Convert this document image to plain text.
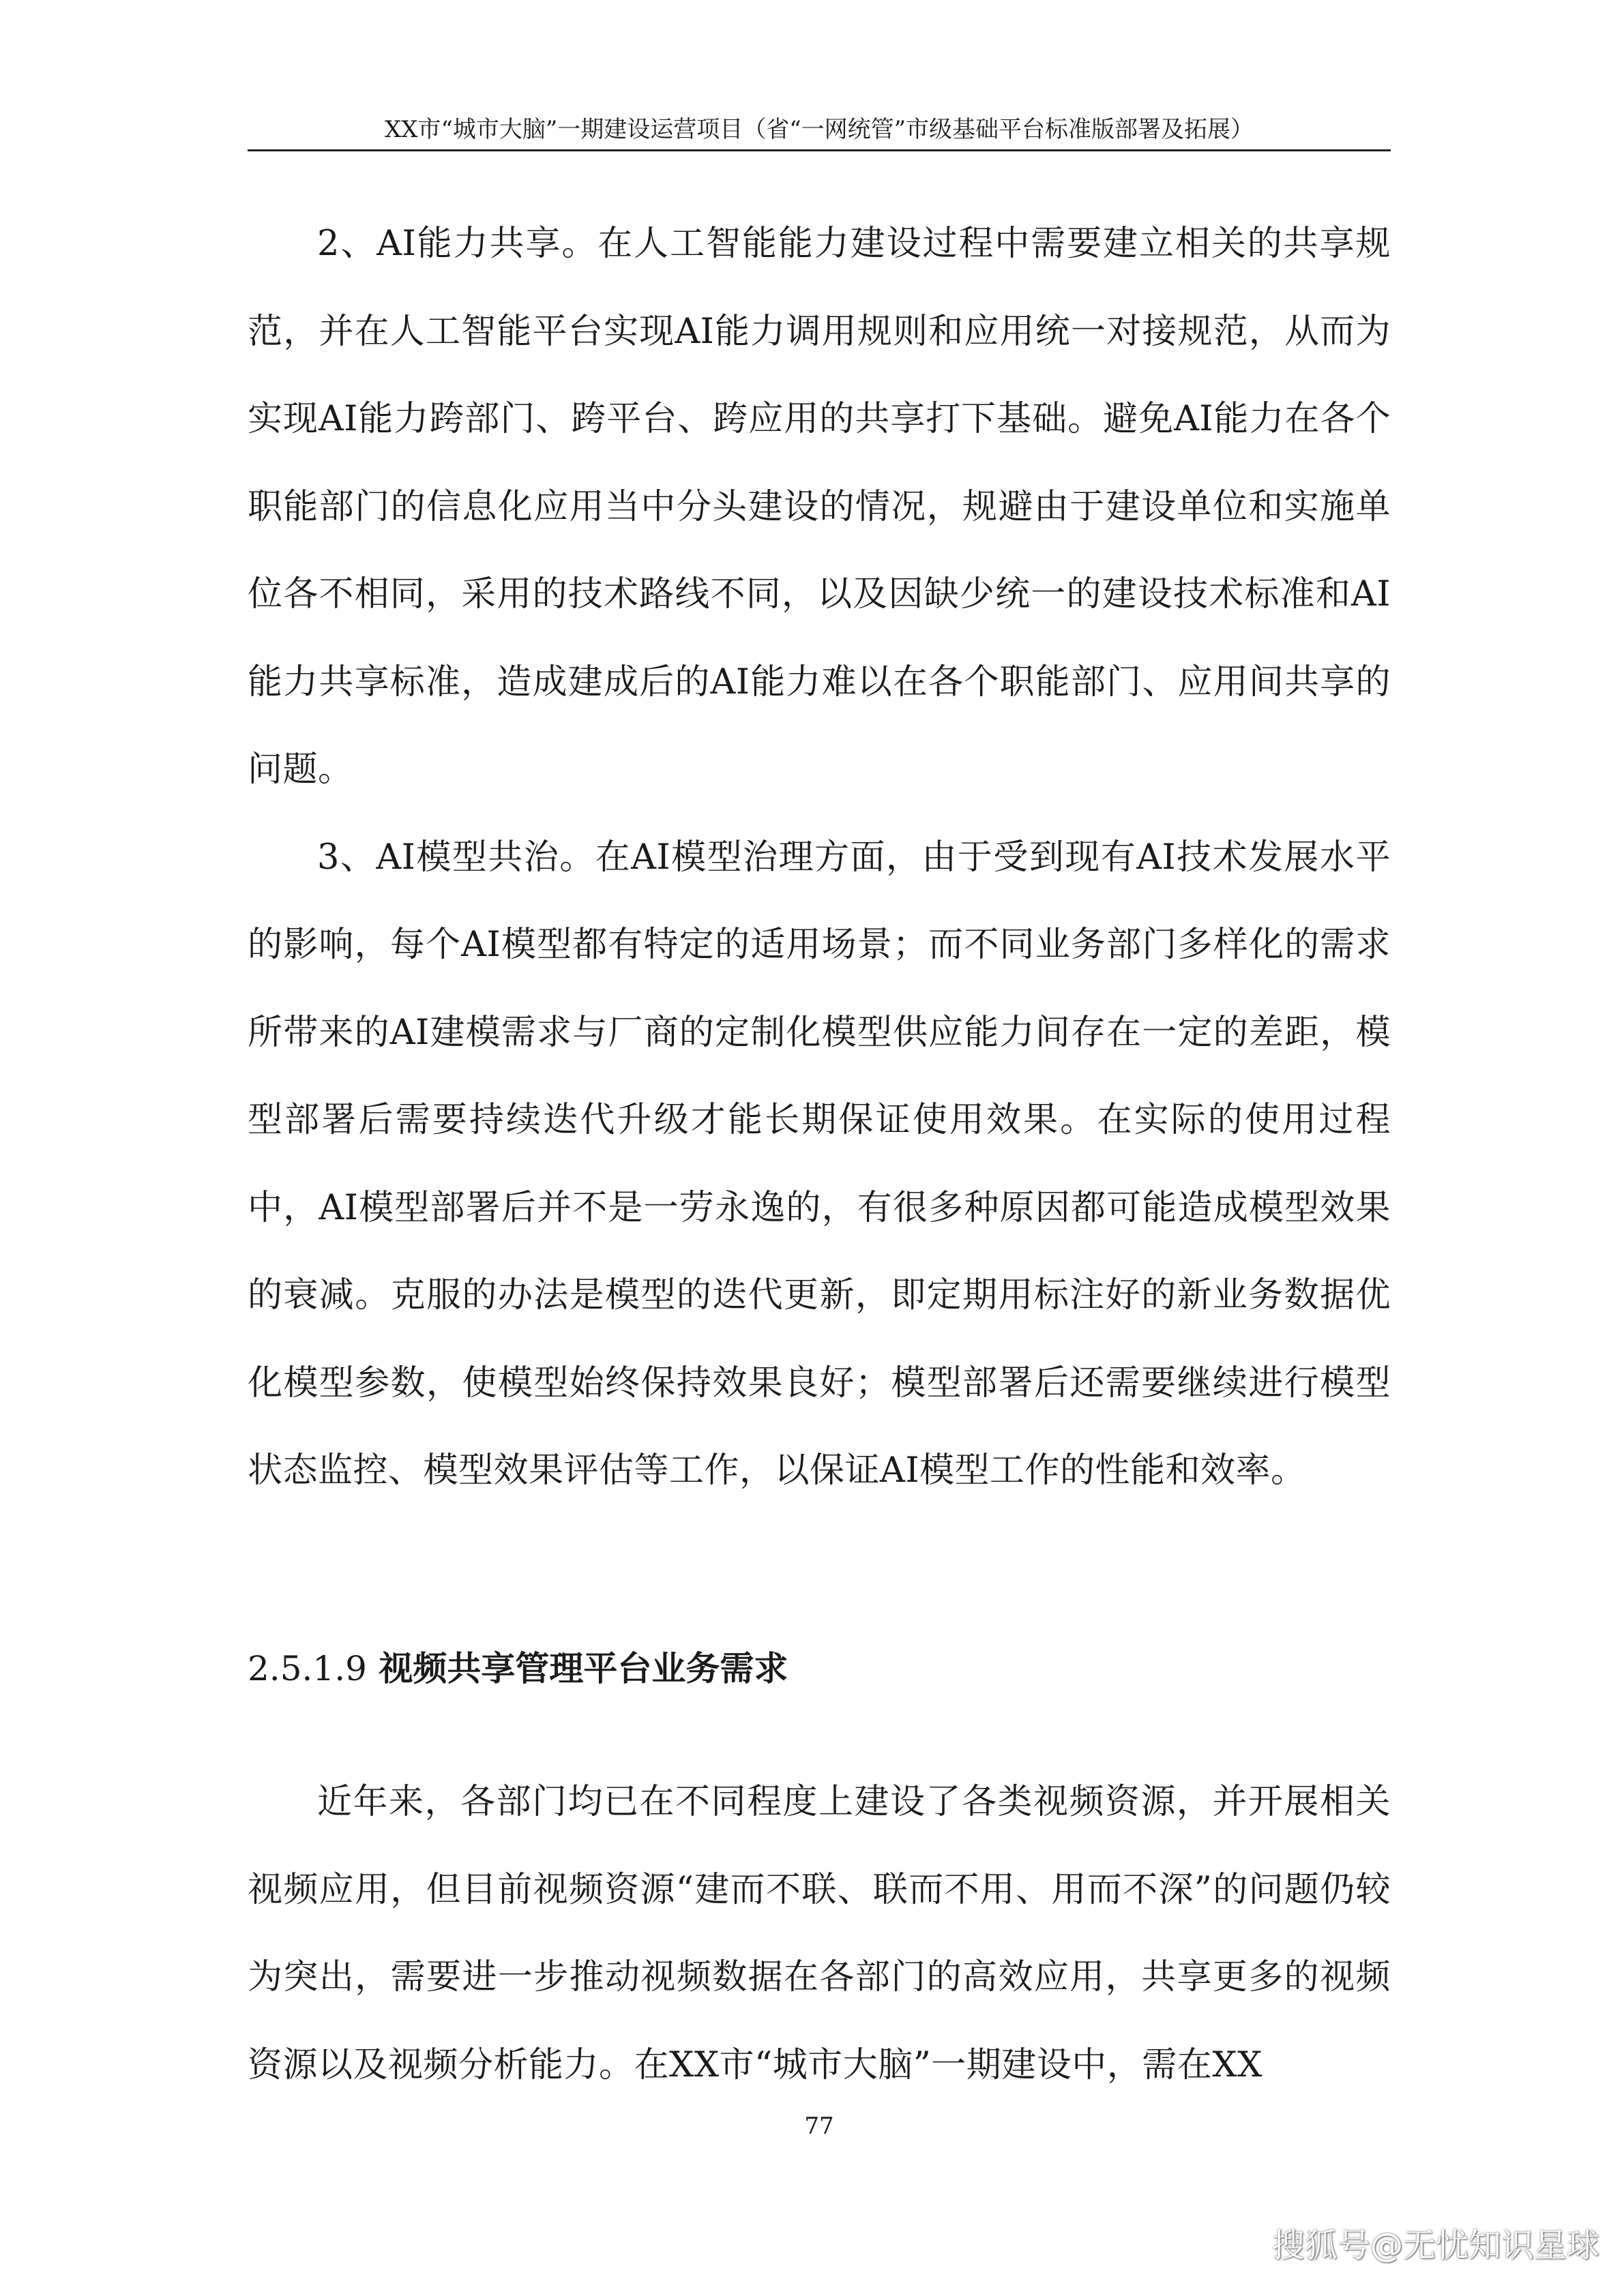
XX市“城市大脑”一期建设运营项目（省“一网统管”市级基础平台标准版部署及拓展）

2、AI能力共享。在人工智能能力建设过程中需要建立相关的共享规范，并在人工智能平台实现AI能力调用规则和应用统一对接规范，从而为实现AI能力跨部门、跨平台、跨应用的共享打下基础。避免AI能力在各个职能部门的信息化应用当中分头建设的情况，规避由于建设单位和实施单位各不相同，采用的技术路线不同，以及因缺少统一的建设技术标准和AI能力共享标准，造成建成后的AI能力难以在各个职能部门、应用间共享的问题。

3、AI模型共治。在AI模型治理方面，由于受到现有AI技术发展水平的影响，每个AI模型都有特定的适用场景；而不同业务部门多样化的需求所带来的AI建模需求与厂商的定制化模型供应能力间存在一定的差距，模型部署后需要持续迭代升级才能长期保证使用效果。在实际的使用过程中，AI模型部署后并不是一劳永逸的，有很多种原因都可能造成模型效果的衰减。克服的办法是模型的迭代更新，即定期用标注好的新业务数据优化模型参数，使模型始终保持效果良好；模型部署后还需要继续进行模型状态监控、模型效果评估等工作，以保证AI模型工作的性能和效率。

2.5.1.9 视频共享管理平台业务需求

近年来，各部门均已在不同程度上建设了各类视频资源，并开展相关视频应用，但目前视频资源“建而不联、联而不用、用而不深”的问题仍较为突出，需要进一步推动视频数据在各部门的高效应用，共享更多的视频资源以及视频分析能力。在XX市“城市大脑”一期建设中，需在XX

77
搜狐号@无忧知识星球
